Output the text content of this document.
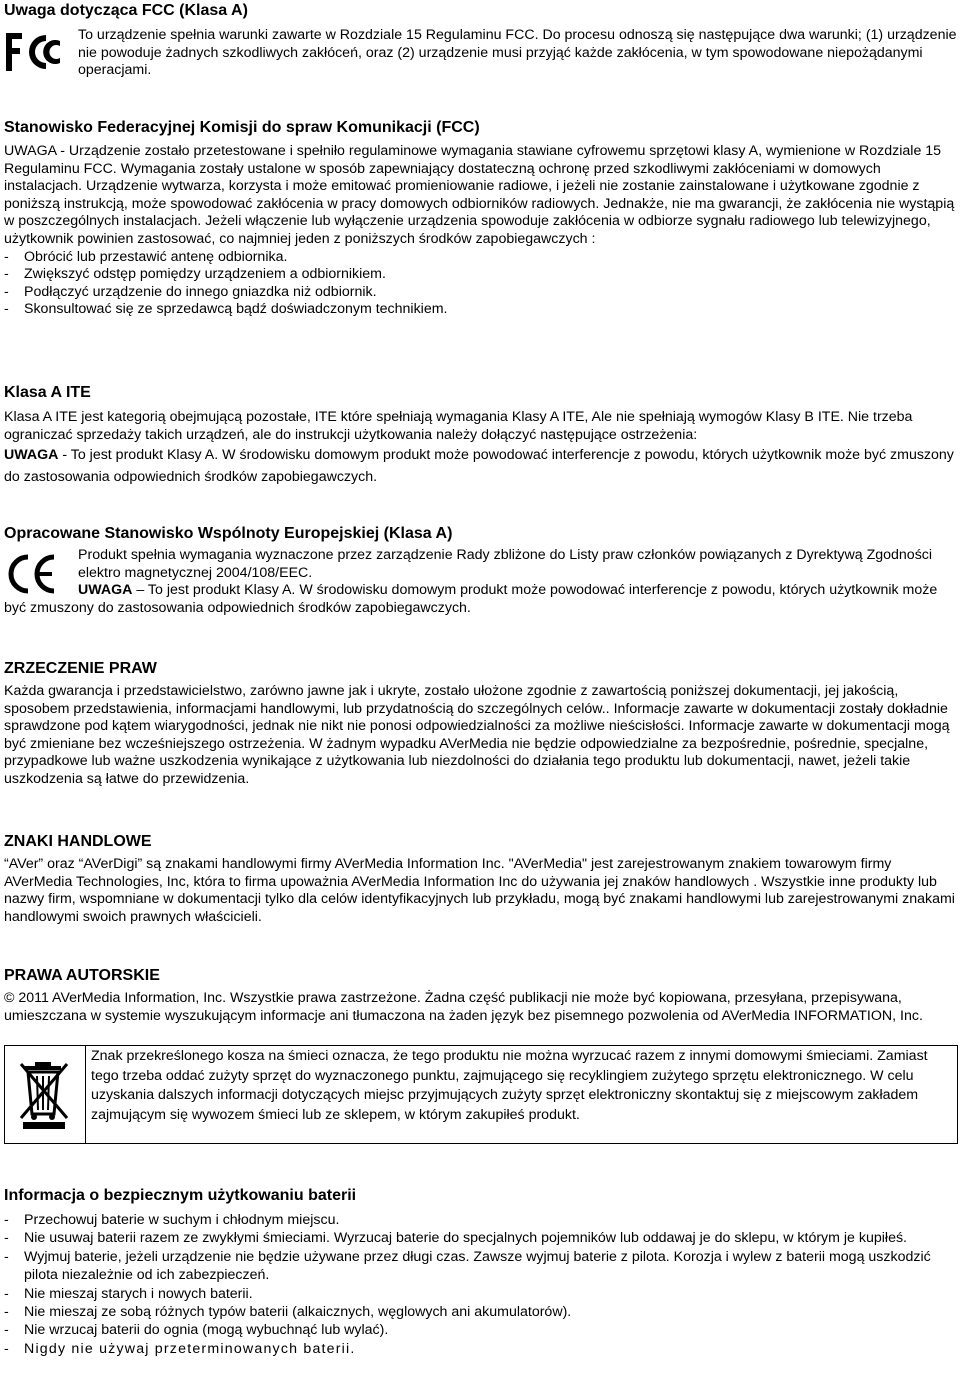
Uwaga dotycząca FCC (Klasa A)

To urządzenie spełnia warunki zawarte w Rozdziale 15 Regulaminu FCC. Do procesu odnoszą się następujące dwa warunki; (1) urządzenie nie powoduje żadnych szkodliwych zakłóceń, oraz (2) urządzenie musi przyjąć każde zakłócenia, w tym spowodowane niepożądanymi operacjami.

Stanowisko Federacyjnej Komisji do spraw Komunikacji (FCC)

UWAGA - Urządzenie zostało przetestowane i spełniło regulaminowe wymagania stawiane cyfrowemu sprzętowi klasy A, wymienione w Rozdziale 15 Regulaminu FCC. Wymagania zostały ustalone w sposób zapewniający dostateczną ochronę przed szkodliwymi zakłóceniami w domowych instalacjach. Urządzenie wytwarza, korzysta i może emitować promieniowanie radiowe, i jeżeli nie zostanie zainstalowane i użytkowane zgodnie z poniższą instrukcją, może spowodować zakłócenia w pracy domowych odbiorników radiowych. Jednakże, nie ma gwarancji, że zakłócenia nie wystąpią w poszczególnych instalacjach. Jeżeli włączenie lub wyłączenie urządzenia spowoduje zakłócenia w odbiorze sygnału radiowego lub telewizyjnego, użytkownik powinien zastosować, co najmniej jeden z poniższych środków zapobiegawczych :

-	Obrócić lub przestawić antenę odbiornika.
-	Zwiększyć odstęp pomiędzy urządzeniem a odbiornikiem.
-	Podłączyć urządzenie do innego gniazdka niż odbiornik.
-	Skonsultować się ze sprzedawcą bądź doświadczonym technikiem.
Klasa A ITE

Klasa A ITE jest kategorią obejmującą pozostałe, ITE które spełniają wymagania Klasy A ITE, Ale nie spełniają wymogów Klasy B ITE. Nie trzeba ograniczać sprzedaży takich urządzeń, ale do instrukcji użytkowania należy dołączyć następujące ostrzeżenia:

UWAGA - To jest produkt Klasy A. W środowisku domowym produkt może powodować interferencje z powodu, których użytkownik może być zmuszony do zastosowania odpowiednich środków zapobiegawczych.

Opracowane Stanowisko Wspólnoty Europejskiej (Klasa A)

Produkt spełnia wymagania wyznaczone przez zarządzenie Rady zbliżone do Listy praw członków powiązanych z Dyrektywą Zgodności elektro magnetycznej 2004/108/EEC.

UWAGA – To jest produkt Klasy A. W środowisku domowym produkt może powodować interferencje z powodu, których użytkownik może być zmuszony do zastosowania odpowiednich środków zapobiegawczych.

ZRZECZENIE PRAW

Każda gwarancja i przedstawicielstwo, zarówno jawne jak i ukryte, zostało ułożone zgodnie z zawartością poniższej dokumentacji, jej jakością, sposobem przedstawienia, informacjami handlowymi, lub przydatnością do szczególnych celów.. Informacje zawarte w dokumentacji zostały dokładnie sprawdzone pod kątem wiarygodności, jednak nie nikt nie ponosi odpowiedzialności za możliwe nieścisłości. Informacje zawarte w dokumentacji mogą być zmieniane bez wcześniejszego ostrzeżenia. W żadnym wypadku AVerMedia nie będzie odpowiedzialne za bezpośrednie, pośrednie, specjalne, przypadkowe lub ważne uszkodzenia wynikające z użytkowania lub niezdolności do działania tego produktu lub dokumentacji, nawet, jeżeli takie uszkodzenia są łatwe do przewidzenia.

ZNAKI HANDLOWE

“AVer” oraz “AVerDigi” są znakami handlowymi firmy AVerMedia Information Inc. "AVerMedia" jest zarejestrowanym znakiem towarowym firmy AVerMedia Technologies, Inc, która to firma upoważnia AVerMedia Information Inc do używania jej znaków handlowych . Wszystkie inne produkty lub nazwy firm, wspomniane w dokumentacji tylko dla celów identyfikacyjnych lub przykładu, mogą być znakami handlowymi lub zarejestrowanymi znakami handlowymi swoich prawnych właścicieli.

PRAWA AUTORSKIE

© 2011 AVerMedia Information, Inc. Wszystkie prawa zastrzeżone. Żadna część publikacji nie może być kopiowana, przesyłana, przepisywana, umieszczana w systemie wyszukującym informacje ani tłumaczona na żaden język bez pisemnego pozwolenia od AVerMedia INFORMATION, Inc.

Znak przekreślonego kosza na śmieci oznacza, że tego produktu nie można wyrzucać razem z innymi domowymi śmieciami. Zamiast tego trzeba oddać zużyty sprzęt do wyznaczonego punktu, zajmującego się recyklingiem zużytego sprzętu elektronicznego. W celu uzyskania dalszych informacji dotyczących miejsc przyjmujących zużyty sprzęt elektroniczny skontaktuj się z miejscowym zakładem zajmującym się wywozem śmieci lub ze sklepem, w którym zakupiłeś produkt.

Informacja o bezpiecznym użytkowaniu baterii
-	Przechowuj baterie w suchym i chłodnym miejscu.
-	Nie usuwaj baterii razem ze zwykłymi śmieciami. Wyrzucaj baterie do specjalnych pojemników lub oddawaj je do sklepu, w którym je kupiłeś.
-	Wyjmuj baterie, jeżeli urządzenie nie będzie używane przez długi czas. Zawsze wyjmuj baterie z pilota. Korozja i wylew z baterii mogą uszkodzić pilota niezależnie od ich zabezpieczeń.
-	Nie mieszaj starych i nowych baterii.
-	Nie mieszaj ze sobą różnych typów baterii (alkaicznych, węglowych ani akumulatorów).
-	Nie wrzucaj baterii do ognia (mogą wybuchnąć lub wylać).
-	Nigdy nie używaj przeterminowanych baterii.
